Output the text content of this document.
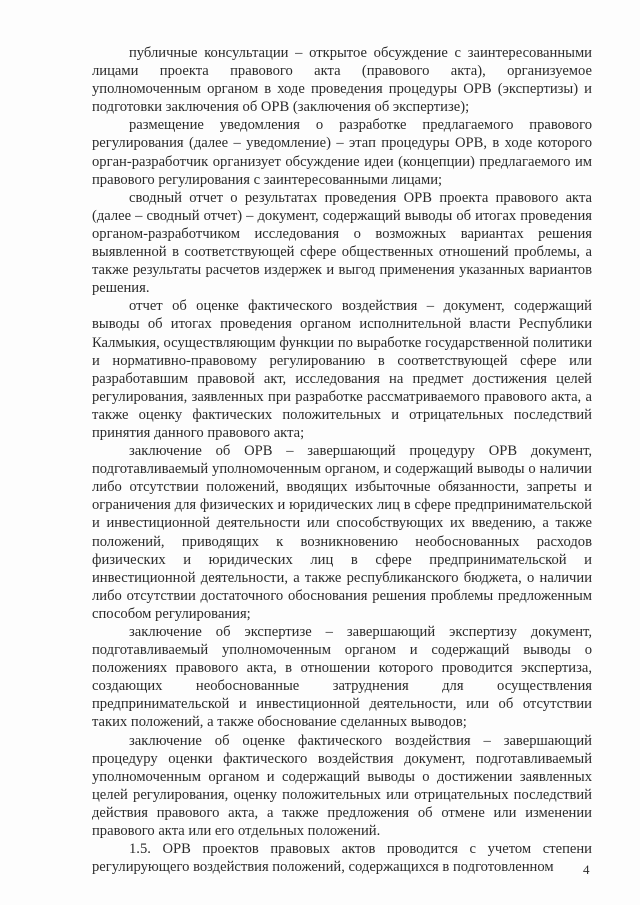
публичные консультации – открытое обсуждение с заинтересованными лицами проекта правового акта (правового акта), организуемое уполномоченным органом в ходе проведения процедуры ОРВ (экспертизы) и подготовки заключения об ОРВ (заключения об экспертизе);

размещение уведомления о разработке предлагаемого правового регулирования (далее – уведомление) – этап процедуры ОРВ, в ходе которого орган-разработчик организует обсуждение идеи (концепции) предлагаемого им правового регулирования с заинтересованными лицами;

сводный отчет о результатах проведения ОРВ проекта правового акта (далее – сводный отчет) – документ, содержащий выводы об итогах проведения органом-разработчиком исследования о возможных вариантах решения выявленной в соответствующей сфере общественных отношений проблемы, а также результаты расчетов издержек и выгод применения указанных вариантов решения.

отчет об оценке фактического воздействия – документ, содержащий выводы об итогах проведения органом исполнительной власти Республики Калмыкия, осуществляющим функции по выработке государственной политики и нормативно-правовому регулированию в соответствующей сфере или разработавшим правовой акт, исследования на предмет достижения целей регулирования, заявленных при разработке рассматриваемого правового акта, а также оценку фактических положительных и отрицательных последствий принятия данного правового акта;

заключение об ОРВ – завершающий процедуру ОРВ документ, подготавливаемый уполномоченным органом, и содержащий выводы о наличии либо отсутствии положений, вводящих избыточные обязанности, запреты и ограничения для физических и юридических лиц в сфере предпринимательской и инвестиционной деятельности или способствующих их введению, а также положений, приводящих к возникновению необоснованных расходов физических и юридических лиц в сфере предпринимательской и инвестиционной деятельности, а также республиканского бюджета, о наличии либо отсутствии достаточного обоснования решения проблемы предложенным способом регулирования;

заключение об экспертизе – завершающий экспертизу документ, подготавливаемый уполномоченным органом и содержащий выводы о положениях правового акта, в отношении которого проводится экспертиза, создающих необоснованные затруднения для осуществления предпринимательской и инвестиционной деятельности, или об отсутствии таких положений, а также обоснование сделанных выводов;

заключение об оценке фактического воздействия – завершающий процедуру оценки фактического воздействия документ, подготавливаемый уполномоченным органом и содержащий выводы о достижении заявленных целей регулирования, оценку положительных или отрицательных последствий действия правового акта, а также предложения об отмене или изменении правового акта или его отдельных положений.

1.5. ОРВ проектов правовых актов проводится с учетом степени регулирующего воздействия положений, содержащихся в подготовленном	4
